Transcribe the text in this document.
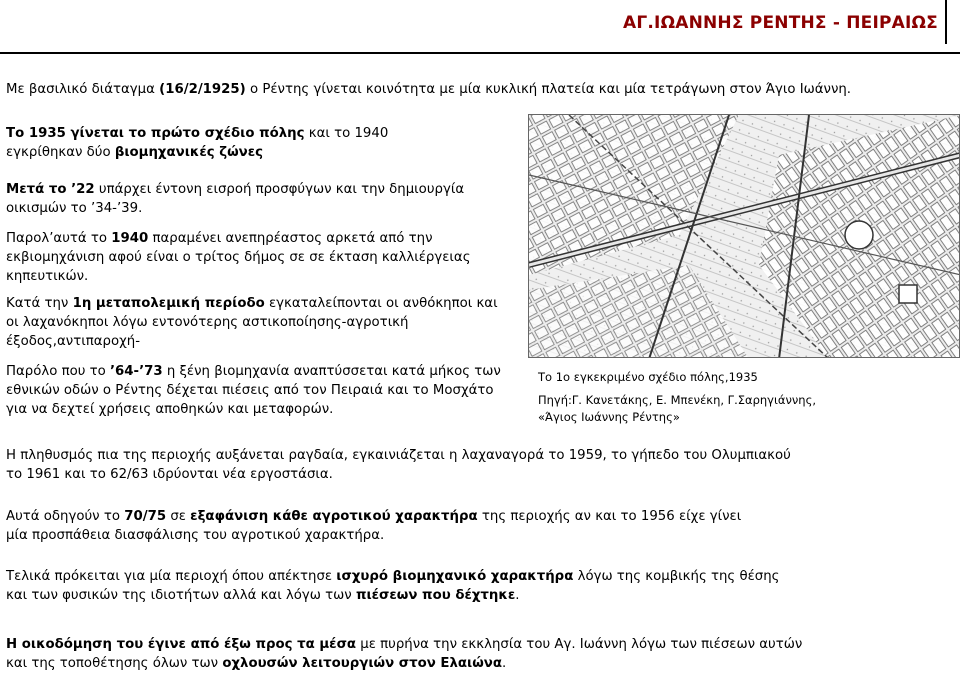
ΑΓ.ΙΩΑΝΝΗΣ ΡΕΝΤΗΣ - ΠΕΙΡΑΙΩΣ

Με βασιλικό διάταγμα (16/2/1925) ο Ρέντης γίνεται κοινότητα με μία κυκλική πλατεία και μία τετράγωνη στον Άγιο Ιωάννη.

Το 1935 γίνεται το πρώτο σχέδιο πόλης και το 1940 εγκρίθηκαν δύο βιομηχανικές ζώνες

Μετά το ’22 υπάρχει έντονη εισροή προσφύγων και την δημιουργία οικισμών το ’34-’39.

Παρολ’αυτά το 1940 παραμένει ανεπηρέαστος αρκετά από την εκβιομηχάνιση αφού είναι ο τρίτος δήμος σε σε έκταση καλλιέργειας κηπευτικών.

Κατά την 1η μεταπολεμική περίοδο εγκαταλείπονται οι ανθόκηποι και οι λαχανόκηποι λόγω εντονότερης αστικοποίησης-αγροτική έξοδος,αντιπαροχή-

Παρόλο που το ’64-’73 η ξένη βιομηχανία αναπτύσσεται κατά μήκος των εθνικών οδών ο Ρέντης δέχεται πιέσεις από τον Πειραιά και το Μοσχάτο για να δεχτεί χρήσεις αποθηκών και μεταφορών.

Το 1ο εγκεκριμένο σχέδιο πόλης,1935

Πηγή:Γ. Κανετάκης, Ε. Μπενέκη, Γ.Σαρηγιάννης, «Άγιος Ιωάννης Ρέντης»

Η πληθυσμός πια της περιοχής αυξάνεται ραγδαία, εγκαινιάζεται η λαχαναγορά το 1959, το γήπεδο του Ολυμπιακού το 1961 και το 62/63 ιδρύονται νέα εργοστάσια.

Αυτά οδηγούν το 70/75 σε εξαφάνιση κάθε αγροτικού χαρακτήρα της περιοχής αν και το 1956 είχε γίνει μία προσπάθεια διασφάλισης του αγροτικού χαρακτήρα.

Τελικά πρόκειται για μία περιοχή όπου απέκτησε ισχυρό βιομηχανικό χαρακτήρα λόγω της κομβικής της θέσης και των φυσικών της ιδιοτήτων αλλά και λόγω των πιέσεων που δέχτηκε.

Η οικοδόμηση του έγινε από έξω προς τα μέσα με πυρήνα την εκκλησία του Αγ. Ιωάννη λόγω των πιέσεων αυτών και της τοποθέτησης όλων των οχλουσών λειτουργιών στον Ελαιώνα.
